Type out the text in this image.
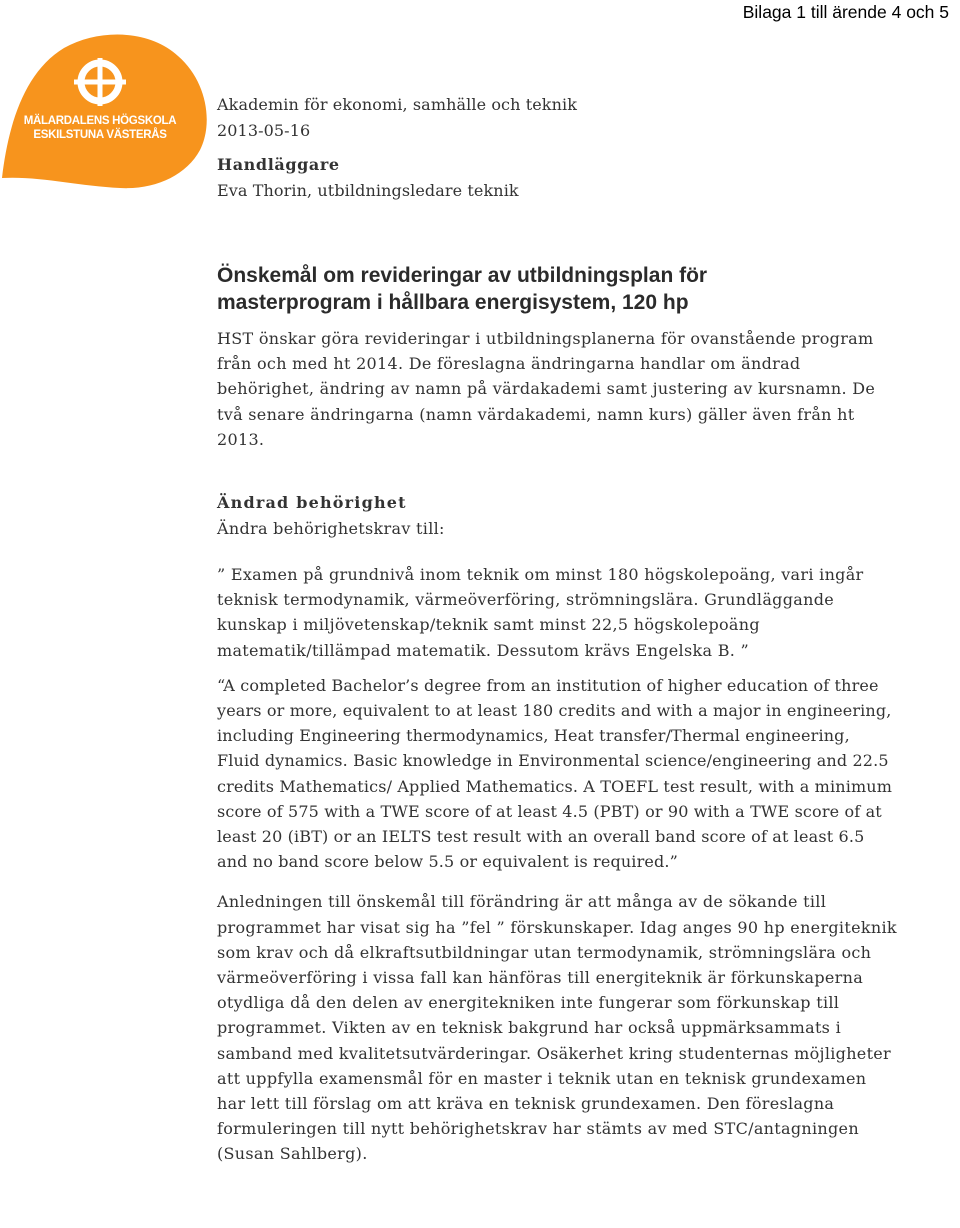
Bilaga 1 till ärende 4 och 5
MÄLARDALENS HÖGSKOLA
ESKILSTUNA VÄSTERÅS
Akademin för ekonomi, samhälle och teknik
2013-05-16
Handläggare
Eva Thorin, utbildningsledare teknik
Önskemål om revideringar av utbildningsplan för
masterprogram i hållbara energisystem, 120 hp

HST önskar göra revideringar i utbildningsplanerna för ovanstående program från och med ht 2014. De föreslagna ändringarna handlar om ändrad behörighet, ändring av namn på värdakademi samt justering av kursnamn. De två senare ändringarna (namn värdakademi, namn kurs) gäller även från ht 2013.

Ändrad behörighet
Ändra behörighetskrav till:

” Examen på grundnivå inom teknik om minst 180 högskolepoäng, vari ingår teknisk termodynamik, värmeöverföring, strömningslära. Grundläggande kunskap i miljövetenskap/teknik samt minst 22,5 högskolepoäng matematik/tillämpad matematik. Dessutom krävs Engelska B. ”

“A completed Bachelor’s degree from an institution of higher education of three years or more, equivalent to at least 180 credits and with a major in engineering, including Engineering thermodynamics, Heat transfer/Thermal engineering, Fluid dynamics. Basic knowledge in Environmental science/engineering and 22.5 credits Mathematics/ Applied Mathematics. A TOEFL test result, with a minimum score of 575 with a TWE score of at least 4.5 (PBT) or 90 with a TWE score of at least 20 (iBT) or an IELTS test result with an overall band score of at least 6.5 and no band score below 5.5 or equivalent is required.”

Anledningen till önskemål till förändring är att många av de sökande till programmet har visat sig ha ”fel ” förskunskaper. Idag anges 90 hp energiteknik som krav och då elkraftsutbildningar utan termodynamik, strömningslära och värmeöverföring i vissa fall kan hänföras till energiteknik är förkunskaperna otydliga då den delen av energitekniken inte fungerar som förkunskap till programmet. Vikten av en teknisk bakgrund har också uppmärksammats i samband med kvalitetsutvärderingar. Osäkerhet kring studenternas möjligheter att uppfylla examensmål för en master i teknik utan en teknisk grundexamen har lett till förslag om att kräva en teknisk grundexamen. Den föreslagna formuleringen till nytt behörighetskrav har stämts av med STC/antagningen (Susan Sahlberg).
